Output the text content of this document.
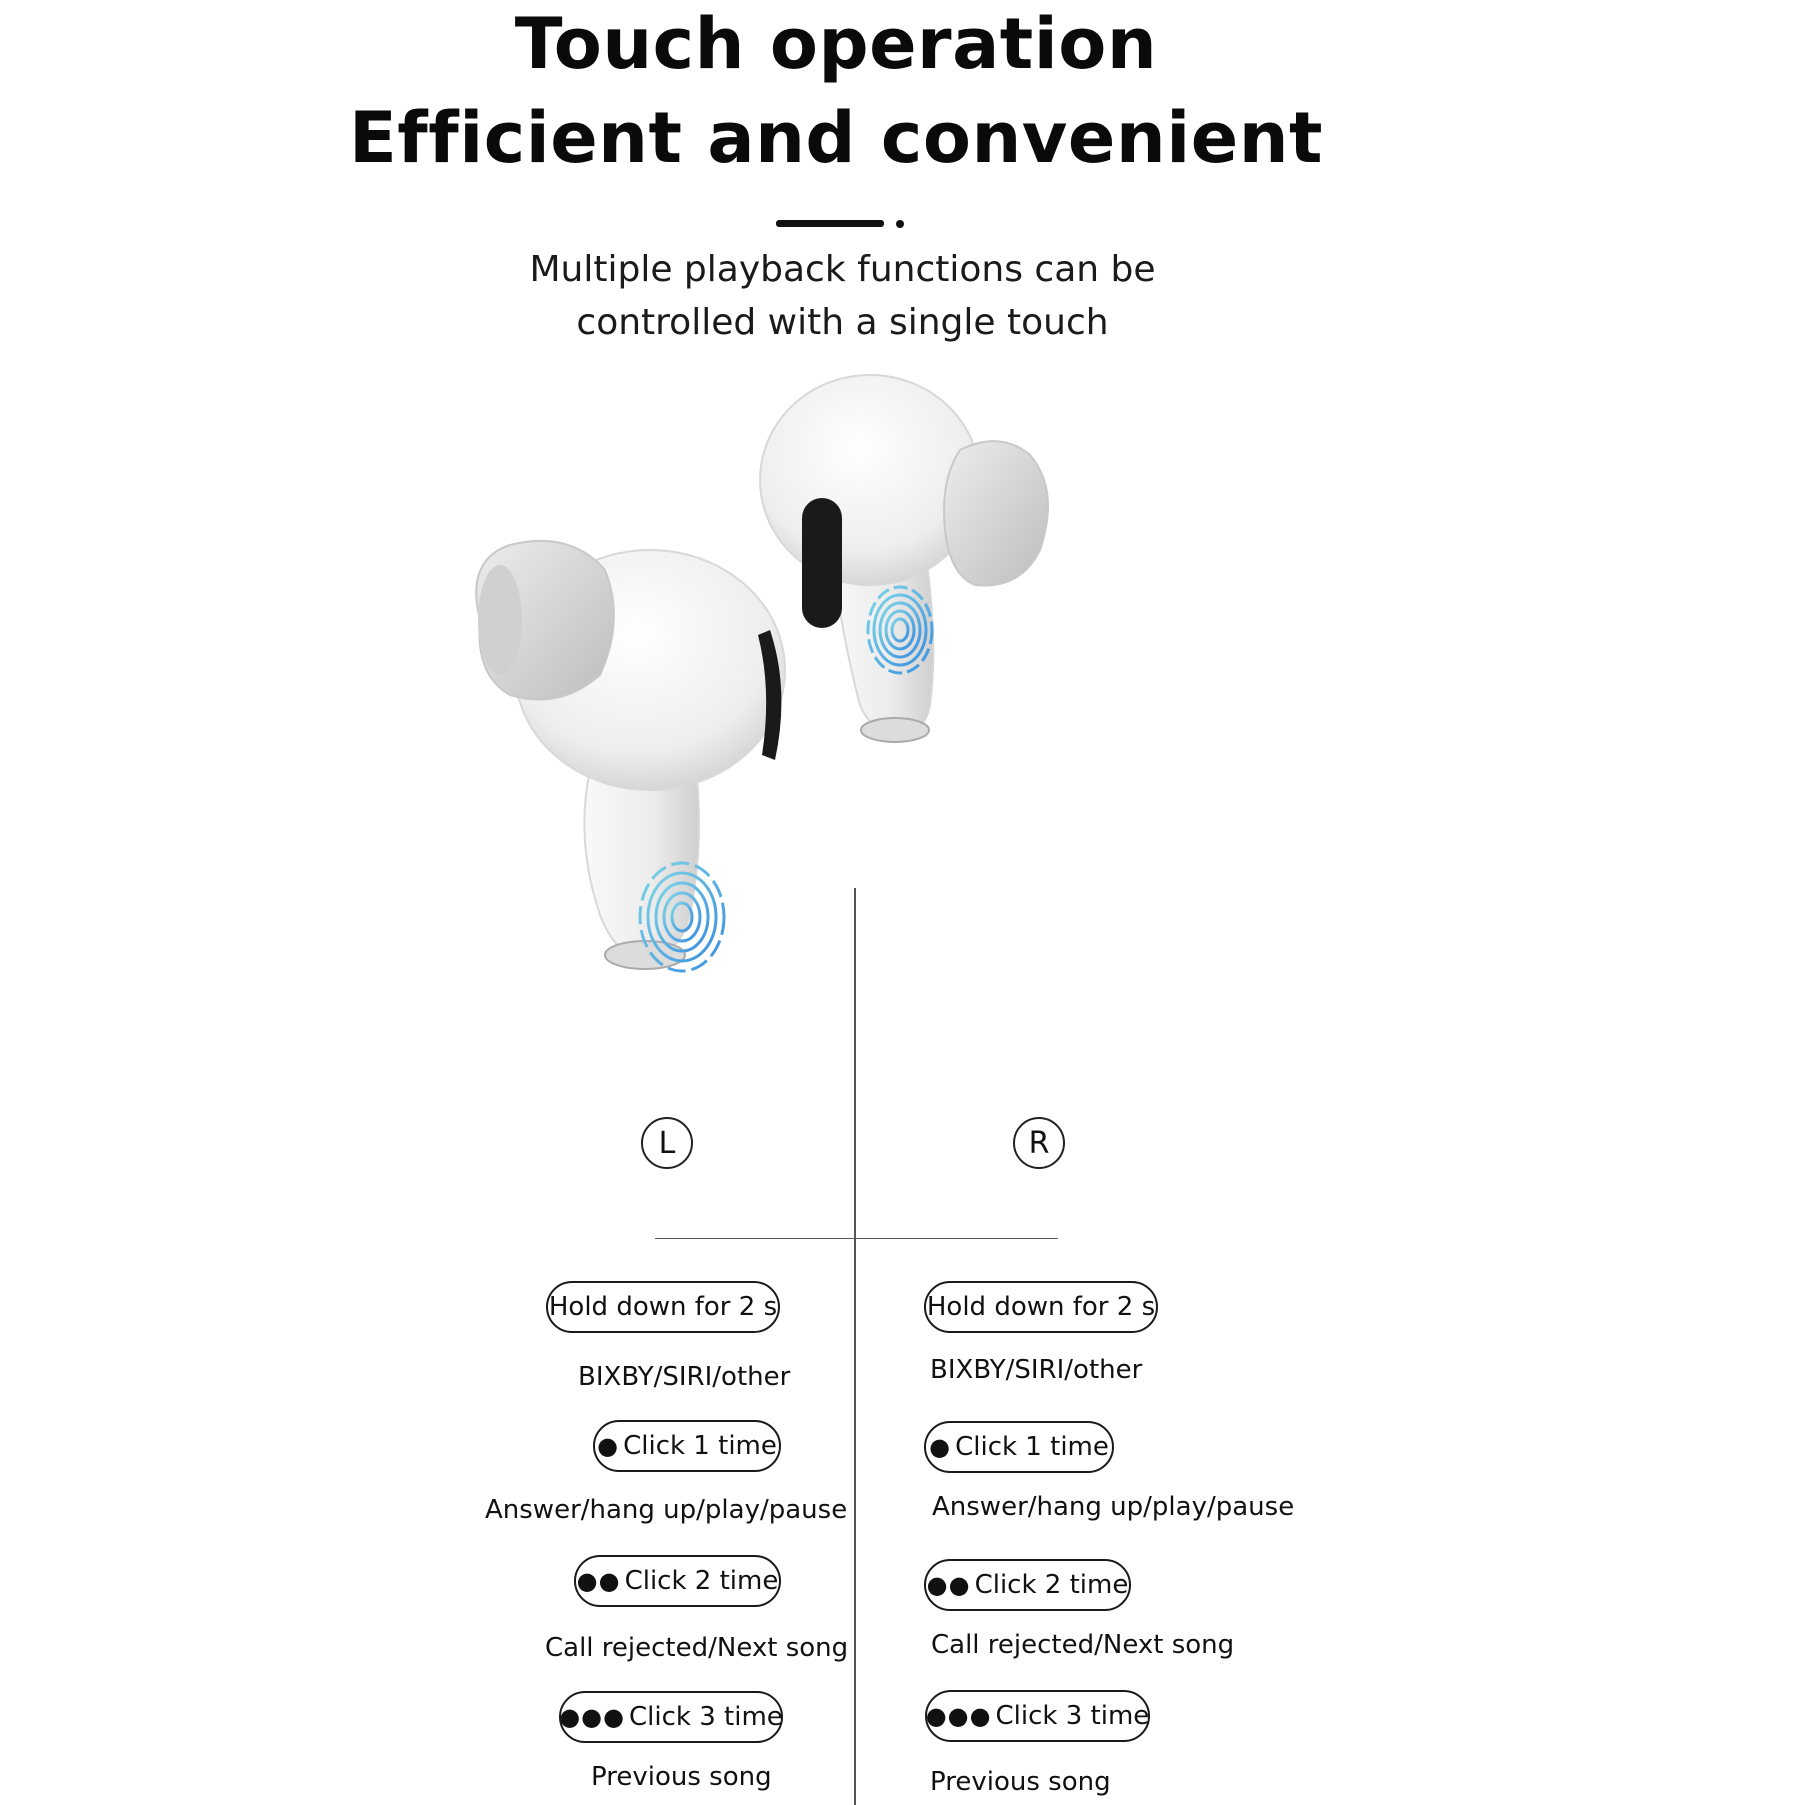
Touch operation
Efficient and convenient
Multiple playback functions can be
controlled with a single touch
L	R
Hold down for 2 s
BIXBY/SIRI/other
● Click 1 time
Answer/hang up/play/pause
●● Click 2 time
Call rejected/Next song
●●● Click 3 time
Previous song
Hold down for 2 s
BIXBY/SIRI/other
● Click 1 time
Answer/hang up/play/pause
●● Click 2 time
Call rejected/Next song
●●● Click 3 time
Previous song
